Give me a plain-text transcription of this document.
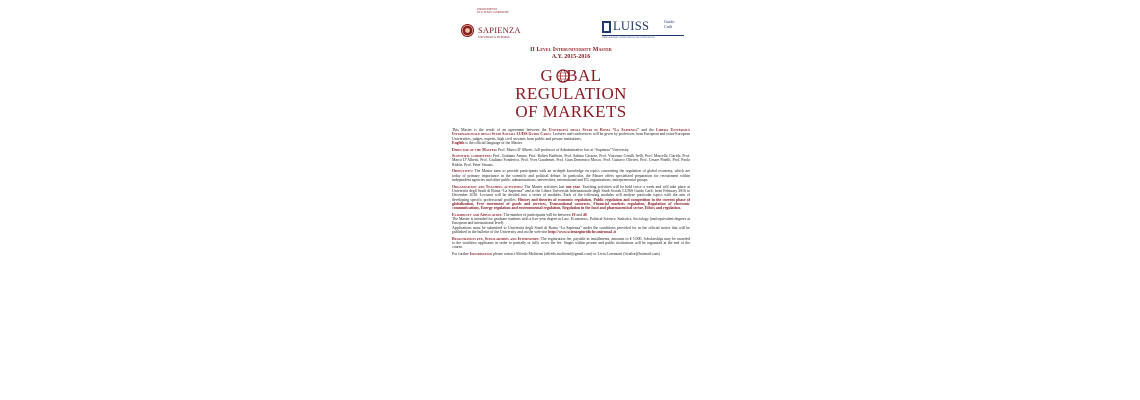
DIPARTIMENTO
DI SCIENZE GIURIDICHE
SAPIENZA
UNIVERSITÀ DI ROMA
LUISS	Guido
Carli
LIBERA UNIVERSITÀ INTERNAZIONALE DEGLI STUDI SOCIALI
II Level Interuniversity Master
A.Y. 2015-2016
G BAL
REGULATION
OF MARKETS

This Master is the result of an agreement between the Università degli Studi di Roma “La Sapienza” and the Libera Università Internazionale degli Studi Sociali LUISS Guido Carli. Lectures and conferences will be given by professors from European and extra-European Universities, judges, experts, high civil servants from public and private institutions.
English is the official language of the Master.

Director of the Master: Prof. Marco D’Alberti, full professor of Administrative law at “Sapienza” University.

Scientific committee: Prof. Giuliano Amato, Prof. Robert Baldwin, Prof. Sabino Cassese, Prof. Vincenzo Cerulli Irelli, Prof. Marcello Clarich, Prof. Marco D’Alberti, Prof. Giuliano Fonderico, Prof. Yves Gaudemet, Prof. Gian Domenico Mosco, Prof. Gustavo Olivieri, Prof. Cesare Pinelli, Prof. Paolo Ridola, Prof. Peter Strauss.

Objectives: The Master aims to provide participants with an in-depth knowledge on topics concerning the regulation of global economy, which are today of primary importance in the scientific and political debate. In particular, the Master offers specialized preparation for recruitment within independent agencies and other public administrations, universities, international and EU organizations, entrepreneurial groups.

Organization and Teaching activities: The Master activities last one year. Teaching activities will be held twice a week and will take place at Università degli Studi di Roma “La Sapienza” and at the Libera Università Internazionale degli Studi Sociali LUISS Guido Carli, from February 2016 to December 2016. Lectures will be divided into a series of modules. Each of the following modules will analyze particular topics with the aim of developing specific professional profiles: History and theories of economic regulation, Public regulation and competition in the current phase of globalization, Free movement of goods and services, Transnational contracts, Financial markets regulation, Regulation of electronic communications, Energy regulation and environmental regulation, Regulation in the food and pharmaceutical sector, Ethics and regulation.

Eligibility and Application: The number of participants will be between 10 and 40.
The Master is intended for graduate students with a five-year degree in Law, Economics, Political Science, Statistics, Sociology (and equivalent degrees at European and international level).
Applications must be submitted to Università degli Studi di Roma “La Sapienza” under the conditions provided for in the official notice that will be published in the bulletin of the University and on the web-site http://www.scienzegiuridiche.uniroma1.it

Registration fee, Scholarships and Internships: The registration fee, payable in installments, amounts to € 5.000. Scholarships may be awarded to the worthiest applicants in order to partially or fully cover the fee. Stages within private and public institutions will be organized at the end of the course.

For further Information please contact Alfredo Moliterni (alfredo.moliterni@gmail.com) or Livia Lorenzoni (livialor@hotmail.com).
